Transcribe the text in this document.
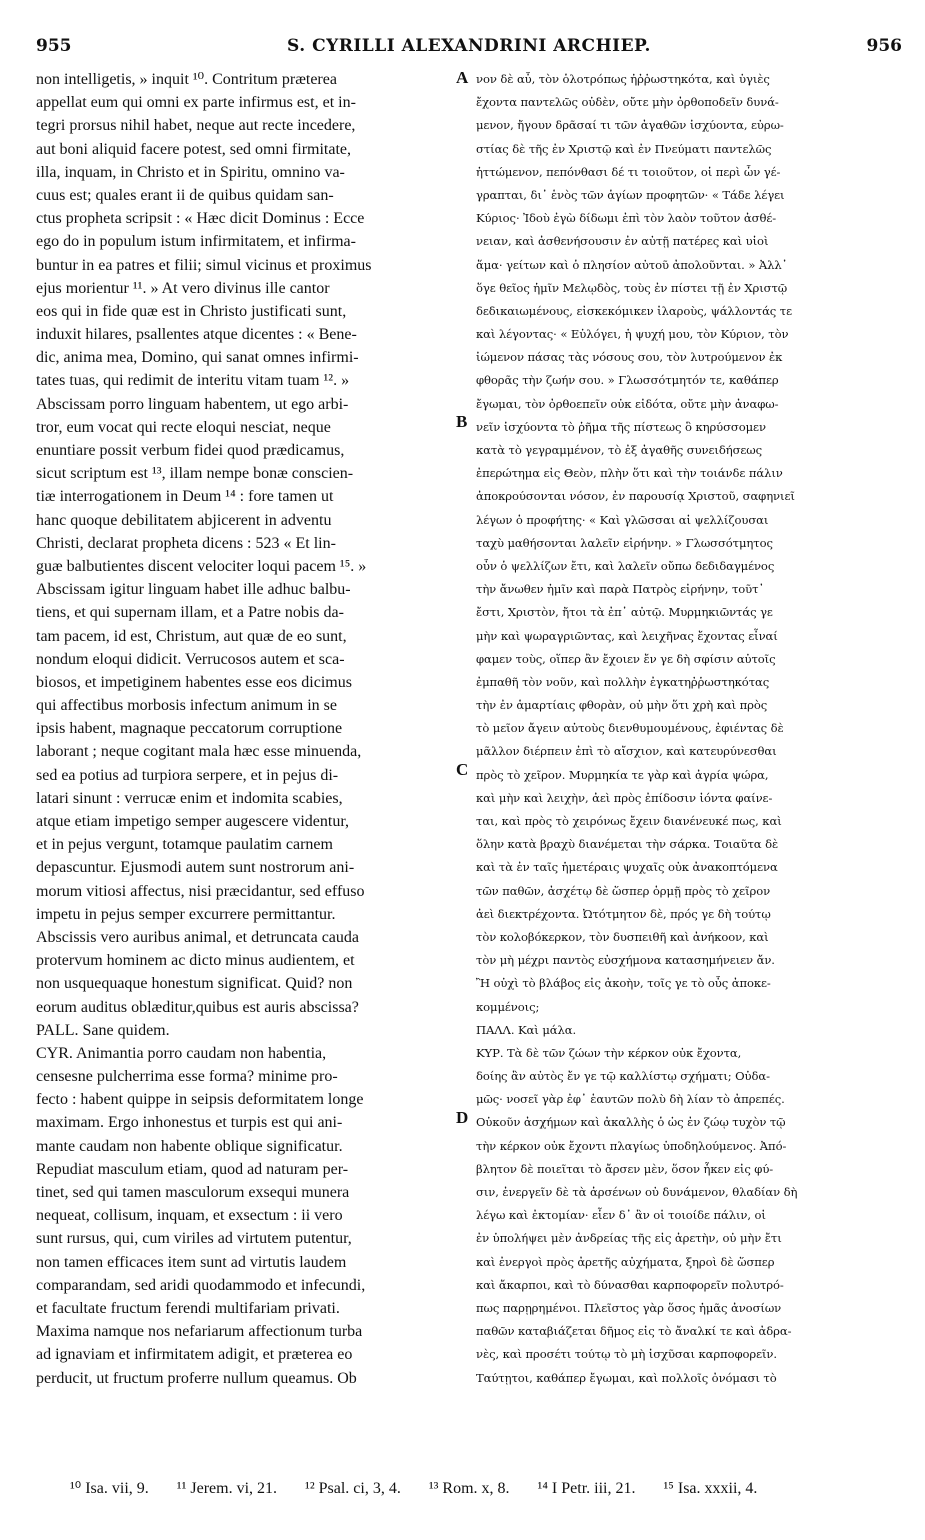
955	S. CYRILLI ALEXANDRINI ARCHIEP.	956
non intelligetis, » inquit ¹⁰. Contritum præterea
appellat eum qui omni ex parte infirmus est, et in-
tegri prorsus nihil habet, neque aut recte incedere,
aut boni aliquid facere potest, sed omni firmitate,
illa, inquam, in Christo et in Spiritu, omnino va-
cuus est; quales erant ii de quibus quidam san-
ctus propheta scripsit : « Hæc dicit Dominus : Ecce
ego do in populum istum infirmitatem, et infirma-
buntur in ea patres et filii; simul vicinus et proximus
ejus morientur ¹¹. » At vero divinus ille cantor
eos qui in fide quæ est in Christo justificati sunt,
induxit hilares, psallentes atque dicentes : « Bene-
dic, anima mea, Domino, qui sanat omnes infirmi-
tates tuas, qui redimit de interitu vitam tuam ¹². »
Abscissam porro linguam habentem, ut ego arbi-
tror, eum vocat qui recte eloqui nesciat, neque
enuntiare possit verbum fidei quod prædicamus,
sicut scriptum est ¹³, illam nempe bonæ conscien-
tiæ interrogationem in Deum ¹⁴ : fore tamen ut
hanc quoque debilitatem abjicerent in adventu
Christi, declarat propheta dicens : 523 « Et lin-
guæ balbutientes discent velociter loqui pacem ¹⁵. »
Abscissam igitur linguam habet ille adhuc balbu-
tiens, et qui supernam illam, et a Patre nobis da-
tam pacem, id est, Christum, aut quæ de eo sunt,
nondum eloqui didicit. Verrucosos autem et sca-
biosos, et impetiginem habentes esse eos dicimus
qui affectibus morbosis infectum animum in se
ipsis habent, magnaque peccatorum corruptione
laborant ; neque cogitant mala hæc esse minuenda,
sed ea potius ad turpiora serpere, et in pejus di-
latari sinunt : verrucæ enim et indomita scabies,
atque etiam impetigo semper augescere videntur,
et in pejus vergunt, totamque paulatim carnem
depascuntur. Ejusmodi autem sunt nostrorum ani-
morum vitiosi affectus, nisi præcidantur, sed effuso
impetu in pejus semper excurrere permittantur.
Abscissis vero auribus animal, et detruncata cauda
protervum hominem ac dicto minus audientem, et
non usquequaque honestum significat. Quid? non
eorum auditus oblæditur,quibus est auris abscissa?
PALL. Sane quidem.
CYR. Animantia porro caudam non habentia,
censesne pulcherrima esse forma? minime pro-
fecto : habent quippe in seipsis deformitatem longe
maximam. Ergo inhonestus et turpis est qui ani-
mante caudam non habente oblique significatur.
Repudiat masculum etiam, quod ad naturam per-
tinet, sed qui tamen masculorum exsequi munera
nequeat, collisum, inquam, et exsectum : ii vero
sunt rursus, qui, cum viriles ad virtutem putentur,
non tamen efficaces item sunt ad virtutis laudem
comparandam, sed aridi quodammodo et infecundi,
et facultate fructum ferendi multifariam privati.
Maxima namque nos nefariarum affectionum turba
ad ignaviam et infirmitatem adigit, et præterea eo
perducit, ut fructum proferre nullum queamus. Ob
νον δὲ αὖ, τὸν ὁλοτρόπως ἠῤῥωστηκότα, καὶ ὑγιὲς
ἔχοντα παντελῶς οὐδὲν, οὔτε μὴν ὀρθοποδεῖν δυνά-
μενον, ἤγουν δρᾶσαί τι τῶν ἀγαθῶν ἰσχύοντα, εὐρω-
στίας δὲ τῆς ἐν Χριστῷ καὶ ἐν Πνεύματι παντελῶς
ἡττώμενον, πεπόνθασι δέ τι τοιοῦτον, οἱ περὶ ὧν γέ-
γραπται, δι᾽ ἑνὸς τῶν ἁγίων προφητῶν· « Τάδε λέγει
Κύριος· Ἰδοὺ ἐγὼ δίδωμι ἐπὶ τὸν λαὸν τοῦτον ἀσθέ-
νειαν, καὶ ἀσθενήσουσιν ἐν αὐτῇ πατέρες καὶ υἱοὶ
ἅμα· γείτων καὶ ὁ πλησίον αὐτοῦ ἀπολοῦνται. » Ἀλλ᾽
ὅγε θεῖος ἡμῖν Μελῳδὸς, τοὺς ἐν πίστει τῇ ἐν Χριστῷ
δεδικαιωμένους, εἰσκεκόμικεν ἱλαροὺς, ψάλλοντάς τε
καὶ λέγοντας· « Εὐλόγει, ἡ ψυχή μου, τὸν Κύριον, τὸν
ἰώμενον πάσας τὰς νόσους σου, τὸν λυτρούμενον ἐκ
φθορᾶς τὴν ζωήν σου. » Γλωσσότμητόν τε, καθάπερ
ἔγωμαι, τὸν ὀρθοεπεῖν οὐκ εἰδότα, οὔτε μὴν ἀναφω-
νεῖν ἰσχύοντα τὸ ῥῆμα τῆς πίστεως ὃ κηρύσσομεν
κατὰ τὸ γεγραμμένον, τὸ ἐξ ἀγαθῆς συνειδήσεως
ἐπερώτημα εἰς Θεὸν, πλὴν ὅτι καὶ τὴν τοιάνδε πάλιν
ἀποκρούσονται νόσον, ἐν παρουσίᾳ Χριστοῦ, σαφηνιεῖ
λέγων ὁ προφήτης· « Καὶ γλῶσσαι αἱ ψελλίζουσαι
ταχὺ μαθήσονται λαλεῖν εἰρήνην. » Γλωσσότμητος
οὖν ὁ ψελλίζων ἔτι, καὶ λαλεῖν οὔπω δεδιδαγμένος
τὴν ἄνωθεν ἡμῖν καὶ παρὰ Πατρὸς εἰρήνην, τοῦτ᾽
ἔστι, Χριστὸν, ἤτοι τὰ ἐπ᾽ αὐτῷ. Μυρμηκιῶντάς γε
μὴν καὶ ψωραγριῶντας, καὶ λειχῆνας ἔχοντας εἶναί
φαμεν τοὺς, οἵπερ ἂν ἔχοιεν ἔν γε δὴ σφίσιν αὐτοῖς
ἐμπαθῆ τὸν νοῦν, καὶ πολλὴν ἐγκατηῤῥωστηκότας
τὴν ἐν ἁμαρτίαις φθορὰν, οὐ μὴν ὅτι χρὴ καὶ πρὸς
τὸ μεῖον ἄγειν αὐτοὺς διενθυμουμένους, ἐφιέντας δὲ
μᾶλλον διέρπειν ἐπὶ τὸ αἴσχιον, καὶ κατευρύνεσθαι
πρὸς τὸ χεῖρον. Μυρμηκία τε γὰρ καὶ ἀγρία ψώρα,
καὶ μὴν καὶ λειχὴν, ἀεὶ πρὸς ἐπίδοσιν ἰόντα φαίνε-
ται, καὶ πρὸς τὸ χειρόνως ἔχειν διανένευκέ πως, καὶ
ὅλην κατὰ βραχὺ διανέμεται τὴν σάρκα. Τοιαῦτα δὲ
καὶ τὰ ἐν ταῖς ἡμετέραις ψυχαῖς οὐκ ἀνακοπτόμενα
τῶν παθῶν, ἀσχέτῳ δὲ ὥσπερ ὁρμῇ πρὸς τὸ χεῖρον
ἀεὶ διεκτρέχοντα. Ὠτότμητον δὲ, πρός γε δὴ τούτῳ
τὸν κολοβόκερκον, τὸν δυσπειθῆ καὶ ἀνήκοον, καὶ
τὸν μὴ μέχρι παντὸς εὐσχήμονα κατασημήνειεν ἄν.
Ἢ οὐχὶ τὸ βλάβος εἰς ἀκοὴν, τοῖς γε τὸ οὖς ἀποκε-
κομμένοις;
ΠΑΛΛ. Καὶ μάλα.
ΚΥΡ. Τὰ δὲ τῶν ζώων τὴν κέρκον οὐκ ἔχοντα,
δοίης ἂν αὐτὸς ἔν γε τῷ καλλίστῳ σχήματι; Οὐδα-
μῶς· νοσεῖ γὰρ ἐφ᾽ ἑαυτῶν πολὺ δὴ λίαν τὸ ἀπρεπές.
Οὐκοῦν ἀσχήμων καὶ ἀκαλλὴς ὁ ὡς ἐν ζώῳ τυχὸν τῷ
τὴν κέρκον οὐκ ἔχοντι πλαγίως ὑποδηλούμενος. Ἀπό-
βλητον δὲ ποιεῖται τὸ ἄρσεν μὲν, ὅσον ἧκεν εἰς φύ-
σιν, ἐνεργεῖν δὲ τὰ ἀρσένων οὐ δυνάμενον, θλαδίαν δὴ
λέγω καὶ ἐκτομίαν· εἶεν δ᾽ ἂν οἱ τοιοίδε πάλιν, οἱ
ἐν ὑπολήψει μὲν ἀνδρείας τῆς εἰς ἀρετὴν, οὐ μὴν ἔτι
καὶ ἐνεργοὶ πρὸς ἀρετῆς αὐχήματα, ξηροὶ δὲ ὥσπερ
καὶ ἄκαρποι, καὶ τὸ δύνασθαι καρποφορεῖν πολυτρό-
πως παρῃρημένοι. Πλεῖστος γὰρ ὅσος ἡμᾶς ἀνοσίων
παθῶν καταβιάζεται δῆμος εἰς τὸ ἄναλκί τε καὶ ἀδρα-
νὲς, καὶ προσέτι τούτῳ τὸ μὴ ἰσχῦσαι καρποφορεῖν.
Ταύτῃτοι, καθάπερ ἔγωμαι, καὶ πολλοῖς ὀνόμασι τὸ
A
B
C
D
¹⁰ Isa. vii, 9. ¹¹ Jerem. vi, 21. ¹² Psal. ci, 3, 4. ¹³ Rom. x, 8. ¹⁴ I Petr. iii, 21. ¹⁵ Isa. xxxii, 4.
